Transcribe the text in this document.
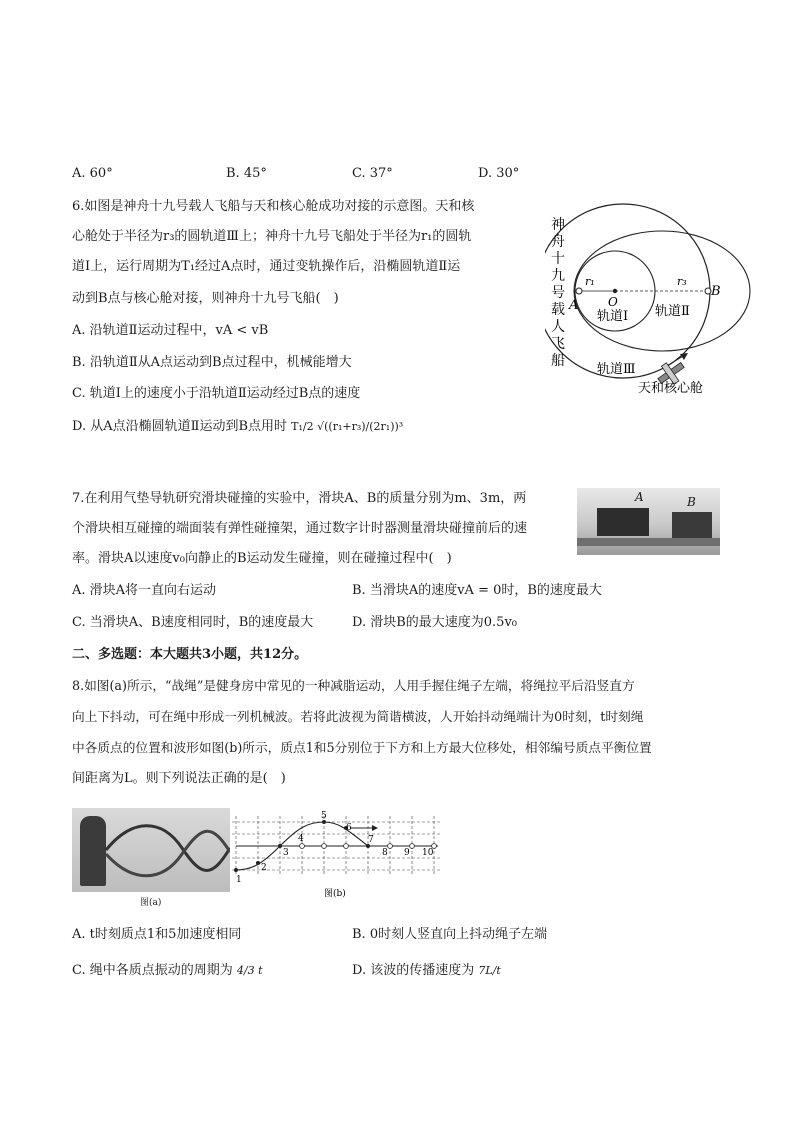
A. 60°	B. 45°	C. 37°	D. 30°
6.如图是神舟十九号载人飞船与天和核心舱成功对接的示意图。天和核
心舱处于半径为r₃的圆轨道Ⅲ上；神舟十九号飞船处于半径为r₁的圆轨
道Ⅰ上，运行周期为T₁经过A点时，通过变轨操作后，沿椭圆轨道Ⅱ运
动到B点与核心舱对接，则神舟十九号飞船(　)
A. 沿轨道Ⅱ运动过程中，vA < vB
B. 沿轨道Ⅱ从A点运动到B点过程中，机械能增大
C. 轨道Ⅰ上的速度小于沿轨道Ⅱ运动经过B点的速度
D. 从A点沿椭圆轨道Ⅱ运动到B点用时 T₁/2 √((r₁+r₃)/(2r₁))³
神
舟
十
九
号
载
人
飞
船
A
B
O
r₁	r₃
轨道Ⅰ 轨道Ⅱ
轨道Ⅲ
天和核心舱
7.在利用气垫导轨研究滑块碰撞的实验中，滑块A、B的质量分别为m、3m，两
个滑块相互碰撞的端面装有弹性碰撞架，通过数字计时器测量滑块碰撞前后的速
率。滑块A以速度v₀向静止的B运动发生碰撞，则在碰撞过程中(　)
A	B
A. 滑块A将一直向右运动	B. 当滑块A的速度vA = 0时，B的速度最大
C. 当滑块A、B速度相同时，B的速度最大	D. 滑块B的最大速度为0.5v₀
二、多选题：本大题共3小题，共12分。
8.如图(a)所示，“战绳”是健身房中常见的一种减脂运动，人用手握住绳子左端，将绳拉平后沿竖直方
向上下抖动，可在绳中形成一列机械波。若将此波视为简谐横波，人开始抖动绳端计为0时刻，t时刻绳
中各质点的位置和波形如图(b)所示，质点1和5分别位于下方和上方最大位移处，相邻编号质点平衡位置
间距离为L。则下列说法正确的是(　)
图(a)
1
2
3
4
5
6
7
8 9 10
图(b)
A. t时刻质点1和5加速度相同	B. 0时刻人竖直向上抖动绳子左端
C. 绳中各质点振动的周期为 4/3 t	D. 该波的传播速度为 7L/t
